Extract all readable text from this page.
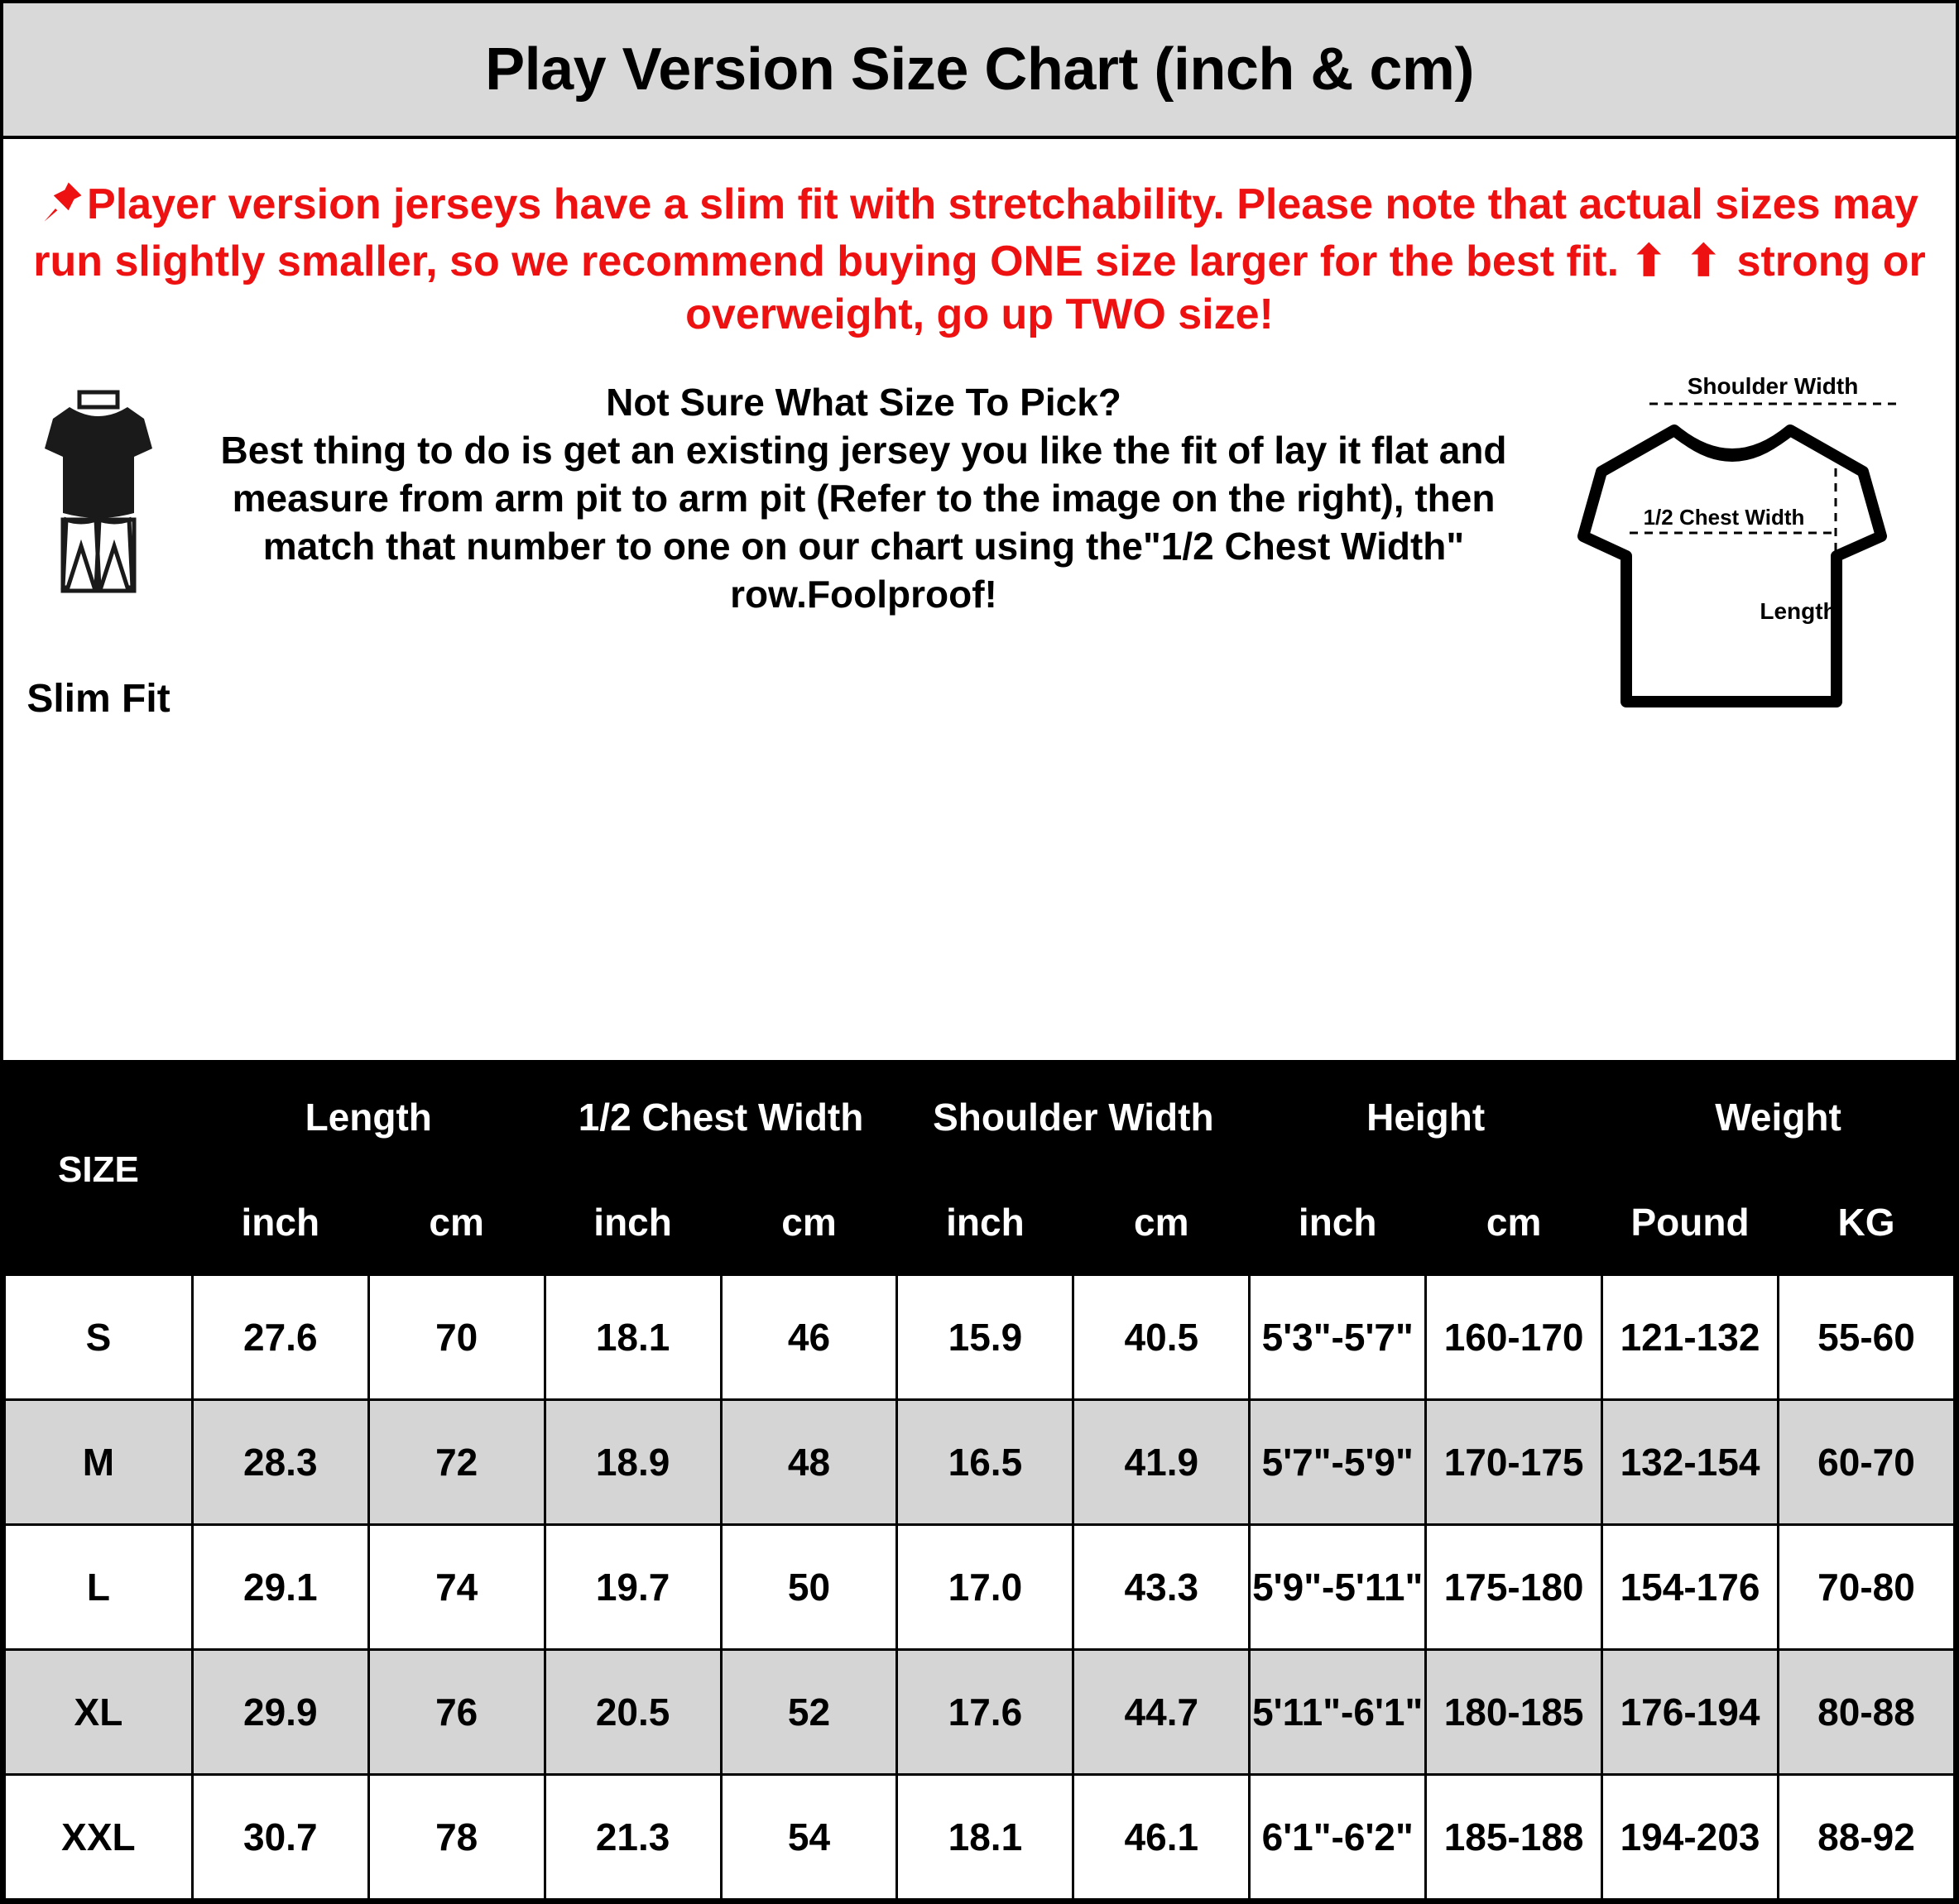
Play Version Size Chart (inch & cm)
Player version jerseys have a slim fit with stretchability. Please note that actual sizes may run slightly smaller, so we recommend buying ONE size larger for the best fit. ⬆ ⬆ strong or overweight, go up TWO size!
Slim Fit
Not Sure What Size To Pick?
Best thing to do is get an existing jersey you like the fit of lay it flat and measure from arm pit to arm pit (Refer to the image on the right), then match that number to one on our chart using the"1/2 Chest Width" row.Foolproof!
Shoulder Width
1/2 Chest Width
Length
SIZE	Length		1/2 Chest Width		Shoulder Width		Height		Weight	
	inch	cm	inch	cm	inch	cm	inch	cm	Pound	KG
S	27.6	70	18.1	46	15.9	40.5	5'3"-5'7"	160-170	121-132	55-60
M	28.3	72	18.9	48	16.5	41.9	5'7"-5'9"	170-175	132-154	60-70
L	29.1	74	19.7	50	17.0	43.3	5'9"-5'11"	175-180	154-176	70-80
XL	29.9	76	20.5	52	17.6	44.7	5'11"-6'1"	180-185	176-194	80-88
XXL	30.7	78	21.3	54	18.1	46.1	6'1"-6'2"	185-188	194-203	88-92
